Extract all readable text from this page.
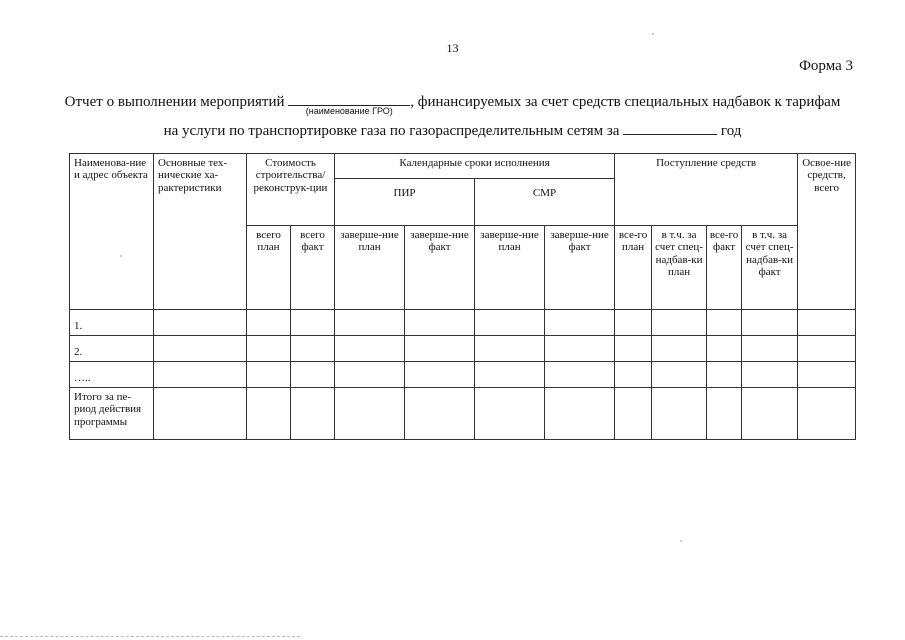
13
Форма 3
Отчет о выполнении мероприятий
(наименование ГРО)
, финансируемых за счет средств специальных надбавок к тарифам
на услуги по транспортировке газа по газораспределительным сетям за	год
Наименова-ние и адрес объекта	Основные тех-нические ха-рактеристики	Стоимость строительства/ реконструк-ции		Календарные сроки исполнения				Поступление средств				Освое-ние средств, всего
				ПИР		СМР						
		всего план	всего факт	заверше-ние план	заверше-ние факт	заверше-ние план	заверше-ние факт	все-го план	в т.ч. за счет спец-надбав-ки план	все-го факт	в т.ч. за счет спец-надбав-ки факт	
1.												
2.												
…..												
Итого за пе-риод действия программы												
